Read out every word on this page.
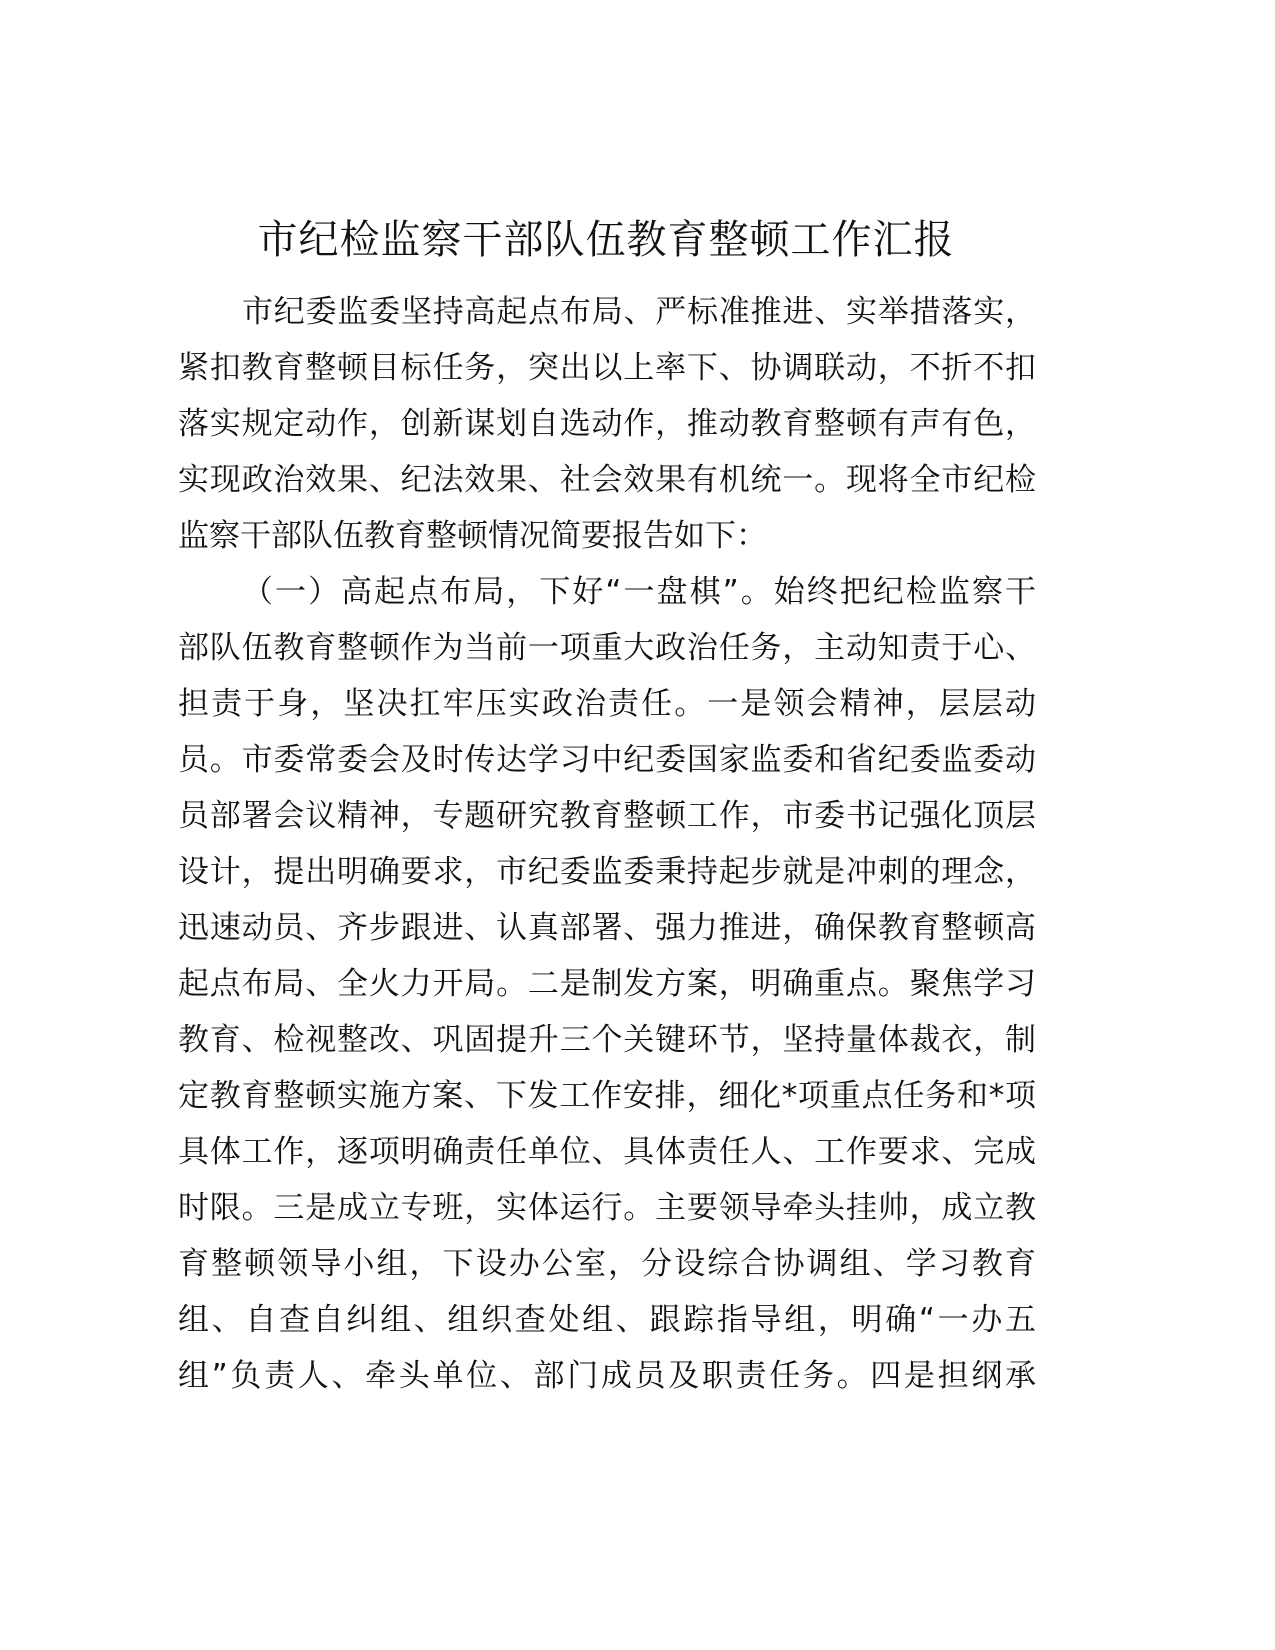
市纪检监察干部队伍教育整顿工作汇报
市纪委监委坚持高起点布局、严标准推进、实举措落实，
紧扣教育整顿目标任务，突出以上率下、协调联动，不折不扣
落实规定动作，创新谋划自选动作，推动教育整顿有声有色，
实现政治效果、纪法效果、社会效果有机统一。现将全市纪检
监察干部队伍教育整顿情况简要报告如下：
（一）高起点布局，下好“一盘棋”。始终把纪检监察干
部队伍教育整顿作为当前一项重大政治任务，主动知责于心、
担责于身，坚决扛牢压实政治责任。一是领会精神，层层动
员。市委常委会及时传达学习中纪委国家监委和省纪委监委动
员部署会议精神，专题研究教育整顿工作，市委书记强化顶层
设计，提出明确要求，市纪委监委秉持起步就是冲刺的理念，
迅速动员、齐步跟进、认真部署、强力推进，确保教育整顿高
起点布局、全火力开局。二是制发方案，明确重点。聚焦学习
教育、检视整改、巩固提升三个关键环节，坚持量体裁衣，制
定教育整顿实施方案、下发工作安排，细化*项重点任务和*项
具体工作，逐项明确责任单位、具体责任人、工作要求、完成
时限。三是成立专班，实体运行。主要领导牵头挂帅，成立教
育整顿领导小组，下设办公室，分设综合协调组、学习教育
组、自查自纠组、组织查处组、跟踪指导组，明确“一办五
组”负责人、牵头单位、部门成员及职责任务。四是担纲承
